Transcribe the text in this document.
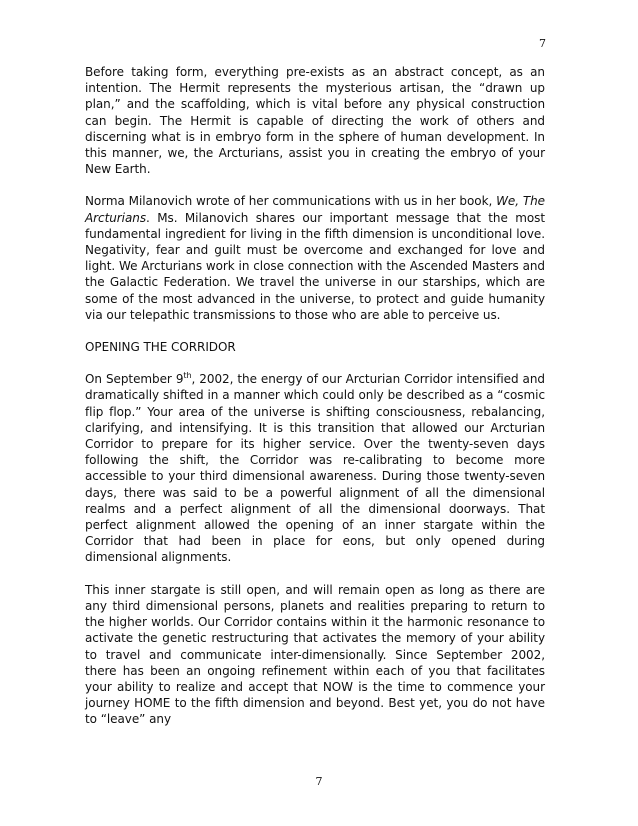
7

Before taking form, everything pre-exists as an abstract concept, as an intention. The Hermit represents the mysterious artisan, the “drawn up plan,” and the scaffolding, which is vital before any physical construction can begin. The Hermit is capable of directing the work of others and discerning what is in embryo form in the sphere of human development. In this manner, we, the Arcturians, assist you in creating the embryo of your New Earth.

Norma Milanovich wrote of her communications with us in her book, We, The Arcturians. Ms. Milanovich shares our important message that the most fundamental ingredient for living in the fifth dimension is unconditional love. Negativity, fear and guilt must be overcome and exchanged for love and light. We Arcturians work in close connection with the Ascended Masters and the Galactic Federation. We travel the universe in our starships, which are some of the most advanced in the universe, to protect and guide humanity via our telepathic transmissions to those who are able to perceive us.

OPENING THE CORRIDOR

On September 9th, 2002, the energy of our Arcturian Corridor intensified and dramatically shifted in a manner which could only be described as a “cosmic flip flop.” Your area of the universe is shifting consciousness, rebalancing, clarifying, and intensifying. It is this transition that allowed our Arcturian Corridor to prepare for its higher service. Over the twenty-seven days following the shift, the Corridor was re-calibrating to become more accessible to your third dimensional awareness. During those twenty-seven days, there was said to be a powerful alignment of all the dimensional realms and a perfect alignment of all the dimensional doorways. That perfect alignment allowed the opening of an inner stargate within the Corridor that had been in place for eons, but only opened during dimensional alignments.

This inner stargate is still open, and will remain open as long as there are any third dimensional persons, planets and realities preparing to return to the higher worlds. Our Corridor contains within it the harmonic resonance to activate the genetic restructuring that activates the memory of your ability to travel and communicate inter-dimensionally. Since September 2002, there has been an ongoing refinement within each of you that facilitates your ability to realize and accept that NOW is the time to commence your journey HOME to the fifth dimension and beyond. Best yet, you do not have to “leave” any

7
